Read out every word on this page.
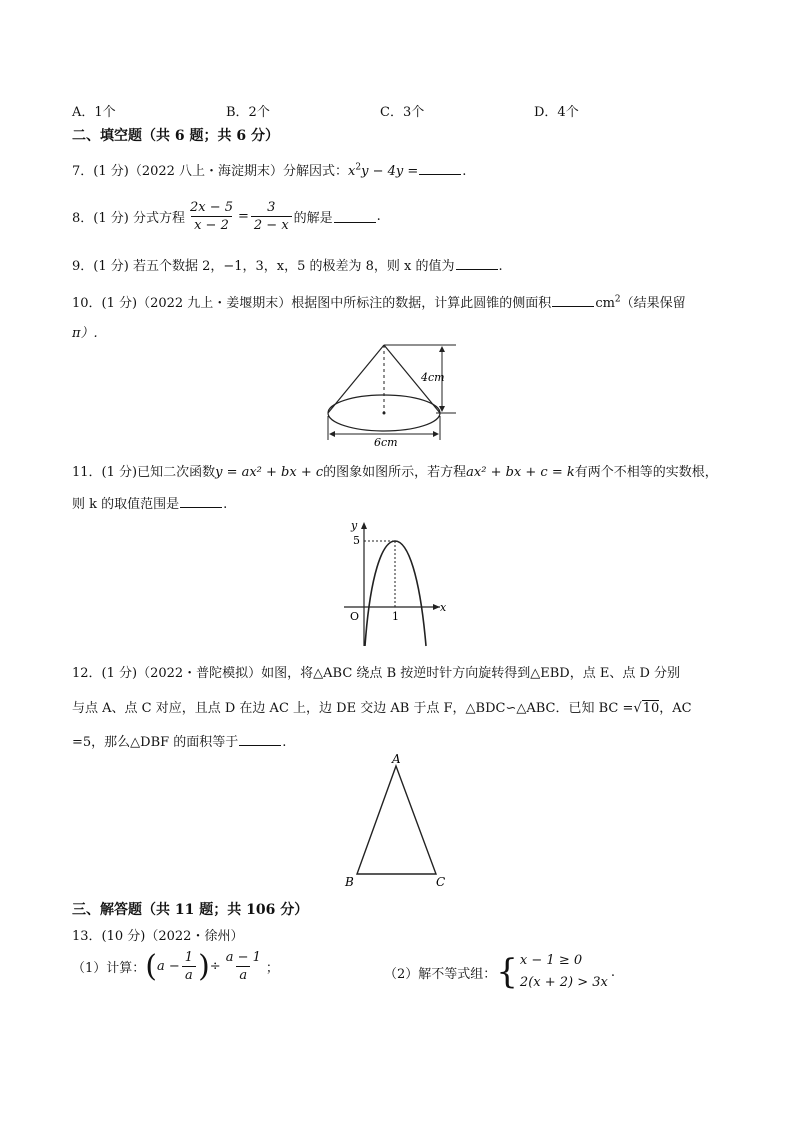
A．1个	B．2个	C．3个	D．4个
二、填空题（共 6 题；共 6 分）
7．(1 分)（2022 八上・海淀期末）分解因式：$x^2y - 4y$ =	.
8．(1 分) 分式方程 $\frac{2x - 5}{x - 2} = \frac{3}{2 - x}$ 的解是	.
9．(1 分) 若五个数据 2，−1，3，x，5 的极差为 8，则 x 的值为	.
10．(1 分)（2022 九上・姜堰期末）根据图中所标注的数据，计算此圆锥的侧面积	$cm^2$（结果保留
π）.
4cm
6cm
11．(1 分)已知二次函数y = ax² + bx + c的图象如图所示，若方程ax² + bx + c = k有两个不相等的实数根，
则 k 的取值范围是	.
y
x
O
5
1
12．(1 分)（2022・普陀模拟）如图，将△ABC 绕点 B 按逆时针方向旋转得到△EBD，点 E、点 D 分别
与点 A、点 C 对应，且点 D 在边 AC 上，边 DE 交边 AB 于点 F，△BDC∽△ABC．已知 BC =√10，AC
=5，那么△DBF 的面积等于	.
A
B	C
三、解答题（共 11 题；共 106 分）
13．(10 分)（2022・徐州）
（1）计算： ( $a - \frac{1}{a}$ ) ÷ $\frac{a - 1}{a}$ ；	（2）解不等式组： { x − 1 ≥ 0
2(x + 2) > 3x
.
